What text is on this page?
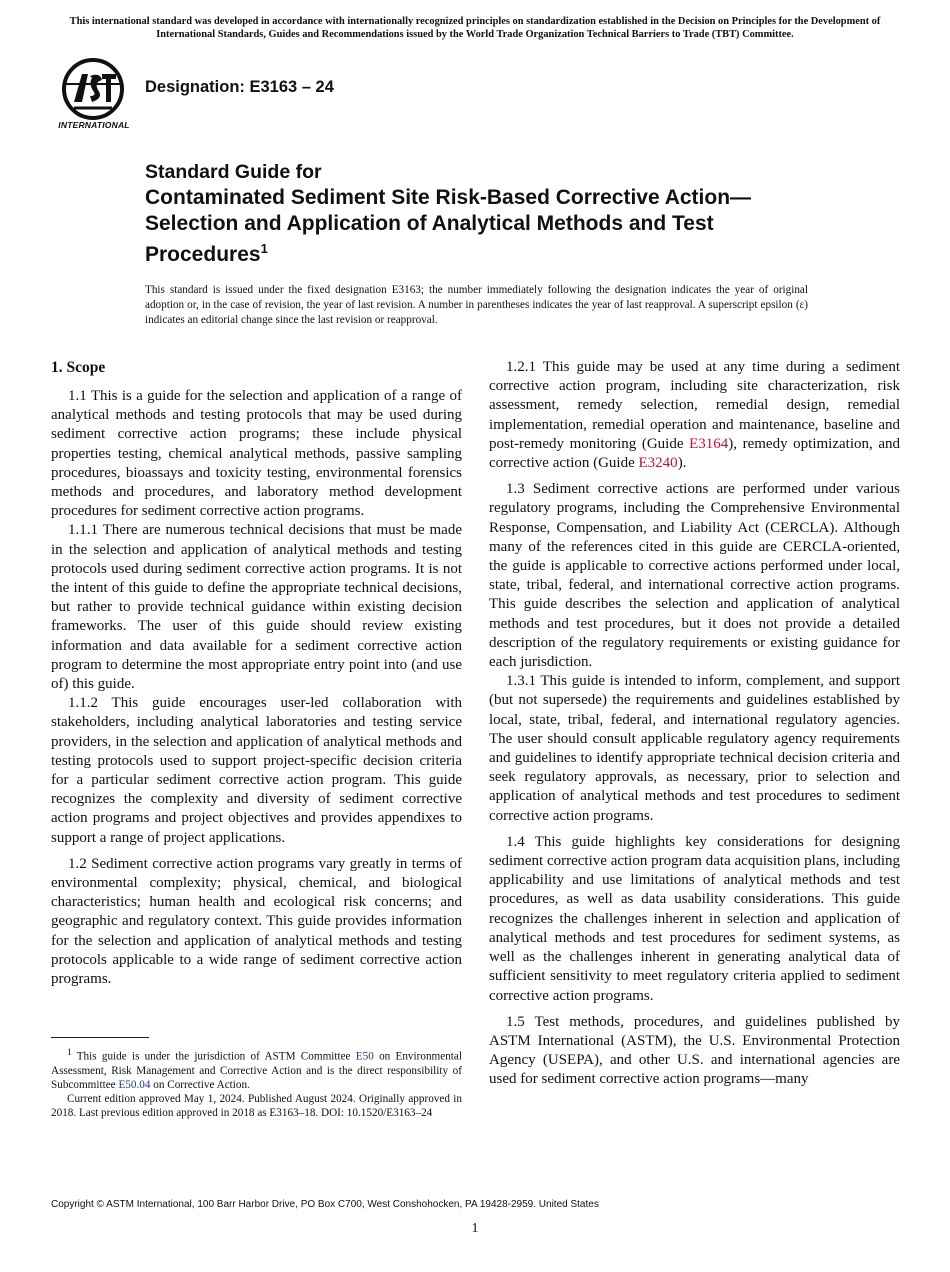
This international standard was developed in accordance with internationally recognized principles on standardization established in the Decision on Principles for the Development of International Standards, Guides and Recommendations issued by the World Trade Organization Technical Barriers to Trade (TBT) Committee.
INTERNATIONAL
Designation: E3163 – 24
Standard Guide for
Contaminated Sediment Site Risk-Based Corrective Action— Selection and Application of Analytical Methods and Test Procedures$^1$
This standard is issued under the fixed designation E3163; the number immediately following the designation indicates the year of original adoption or, in the case of revision, the year of last revision. A number in parentheses indicates the year of last reapproval. A superscript epsilon (ε) indicates an editorial change since the last revision or reapproval.
1. Scope

1.1 This is a guide for the selection and application of a range of analytical methods and testing protocols that may be used during sediment corrective action programs; these include physical properties testing, chemical analytical methods, passive sampling procedures, bioassays and toxicity testing, environmental forensics methods and procedures, and laboratory method development procedures for sediment corrective action programs.

1.1.1 There are numerous technical decisions that must be made in the selection and application of analytical methods and testing protocols used during sediment corrective action programs. It is not the intent of this guide to define the appropriate technical decisions, but rather to provide technical guidance within existing decision frameworks. The user of this guide should review existing information and data available for a sediment corrective action program to determine the most appropriate entry point into (and use of) this guide.

1.1.2 This guide encourages user-led collaboration with stakeholders, including analytical laboratories and testing service providers, in the selection and application of analytical methods and testing protocols used to support project-specific decision criteria for a particular sediment corrective action program. This guide recognizes the complexity and diversity of sediment corrective action programs and project objectives and provides appendixes to support a range of project applications.

1.2 Sediment corrective action programs vary greatly in terms of environmental complexity; physical, chemical, and biological characteristics; human health and ecological risk concerns; and geographic and regulatory context. This guide provides information for the selection and application of analytical methods and testing protocols applicable to a wide range of sediment corrective action programs.

1.2.1 This guide may be used at any time during a sediment corrective action program, including site characterization, risk assessment, remedy selection, remedial design, remedial implementation, remedial operation and maintenance, baseline and post-remedy monitoring (Guide E3164), remedy optimization, and corrective action (Guide E3240).

1.3 Sediment corrective actions are performed under various regulatory programs, including the Comprehensive Environmental Response, Compensation, and Liability Act (CERCLA). Although many of the references cited in this guide are CERCLA-oriented, the guide is applicable to corrective actions performed under local, state, tribal, federal, and international corrective action programs. This guide describes the selection and application of analytical methods and test procedures, but it does not provide a detailed description of the regulatory requirements or existing guidance for each jurisdiction.

1.3.1 This guide is intended to inform, complement, and support (but not supersede) the requirements and guidelines established by local, state, tribal, federal, and international regulatory agencies. The user should consult applicable regulatory agency requirements and guidelines to identify appropriate technical decision criteria and seek regulatory approvals, as necessary, prior to selection and application of analytical methods and test procedures to sediment corrective action programs.

1.4 This guide highlights key considerations for designing sediment corrective action program data acquisition plans, including applicability and use limitations of analytical methods and test procedures, as well as data usability considerations. This guide recognizes the challenges inherent in selection and application of analytical methods and test procedures for sediment systems, as well as the challenges inherent in generating analytical data of sufficient sensitivity to meet regulatory criteria applied to sediment corrective action programs.

1.5 Test methods, procedures, and guidelines published by ASTM International (ASTM), the U.S. Environmental Protection Agency (USEPA), and other U.S. and international agencies are used for sediment corrective action programs—many

$^1$ This guide is under the jurisdiction of ASTM Committee E50 on Environmental Assessment, Risk Management and Corrective Action and is the direct responsibility of Subcommittee E50.04 on Corrective Action.

Current edition approved May 1, 2024. Published August 2024. Originally approved in 2018. Last previous edition approved in 2018 as E3163–18. DOI: 10.1520/E3163–24

Copyright © ASTM International, 100 Barr Harbor Drive, PO Box C700, West Conshohocken, PA 19428-2959. United States
1
